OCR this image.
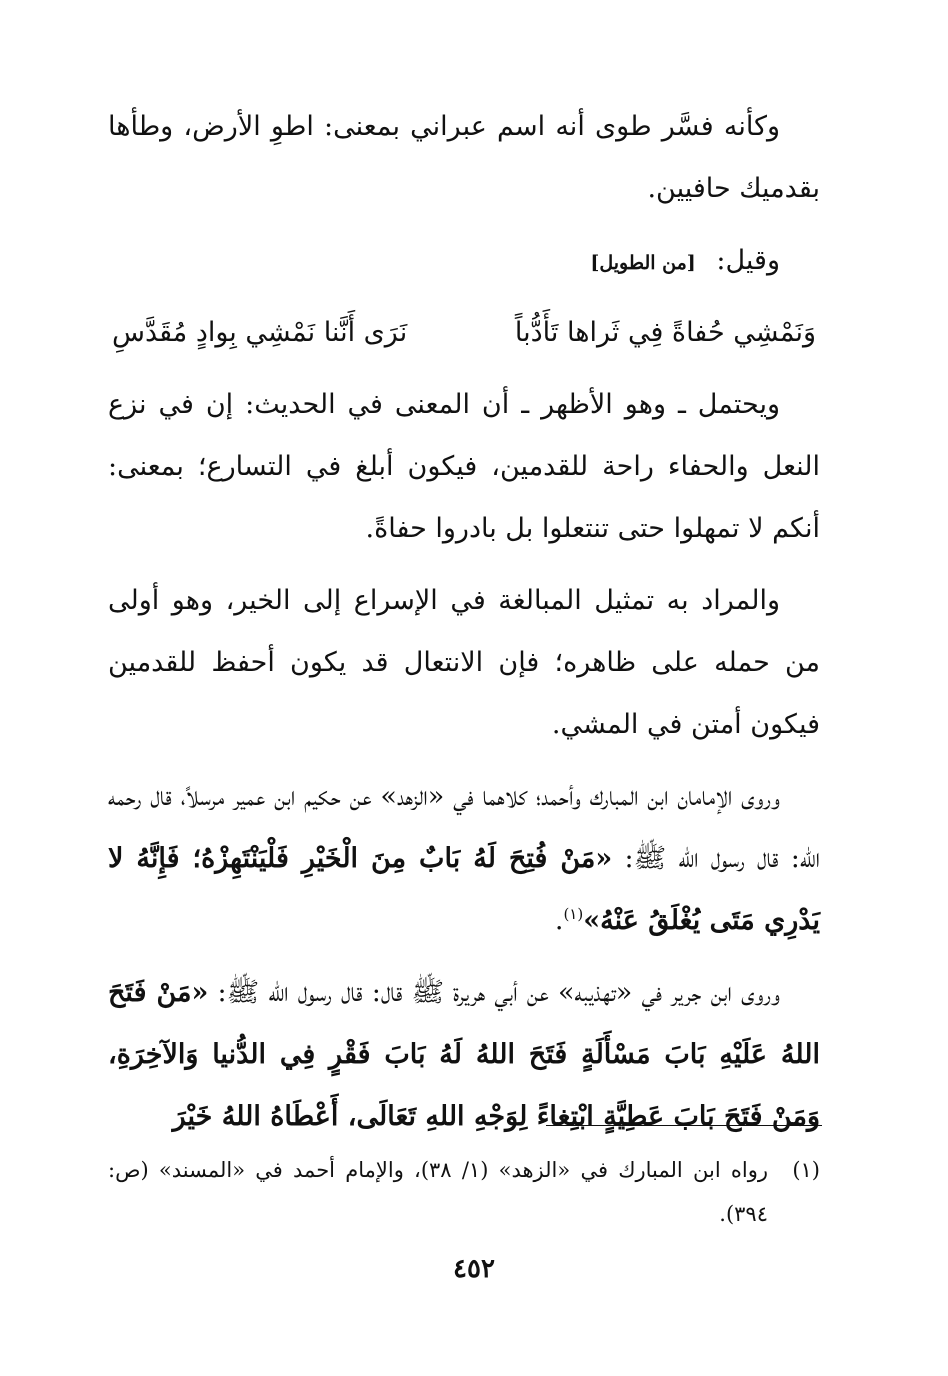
وكأنه فسَّر طوى أنه اسم عبراني بمعنى: اطوِ الأرض، وطأها بقدميك حافيين.

وقيل: [من الطويل]

وَنَمْشِي حُفاةً فِي ثَراها تَأَدُّباً
نَرَى أَنَّنا نَمْشِي بِوادٍ مُقَدَّسِ

ويحتمل ـ وهو الأظهر ـ أن المعنى في الحديث: إن في نزع النعل والحفاء راحة للقدمين، فيكون أبلغ في التسارع؛ بمعنى: أنكم لا تمهلوا حتى تنتعلوا بل بادروا حفاةً.

والمراد به تمثيل المبالغة في الإسراع إلى الخير، وهو أولى من حمله على ظاهره؛ فإن الانتعال قد يكون أحفظ للقدمين فيكون أمتن في المشي.

وروى الإمامان ابن المبارك وأحمد؛ كلاهما في «الزهد» عن حكيم ابن عمير مرسلاً، قال رحمه الله: قال رسول الله ﷺ: «مَنْ فُتِحَ لَهُ بَابٌ مِنَ الْخَيْرِ فَلْيَنْتَهِزْهُ؛ فَإِنَّهُ لا يَدْرِي مَتَى يُغْلَقُ عَنْهُ»$^{(١)}$.

وروى ابن جرير في «تهذيبه» عن أبي هريرة ﷺ قال: قال رسول الله ﷺ: «مَنْ فَتَحَ اللهُ عَلَيْهِ بَابَ مَسْأَلَةٍ فَتَحَ اللهُ لَهُ بَابَ فَقْرٍ فِي الدُّنيا وَالآخِرَةِ، وَمَنْ فَتَحَ بَابَ عَطِيَّةٍ ابْتِغاءً لِوَجْهِ اللهِ تَعَالَى، أَعْطَاهُ اللهُ خَيْرَ

(١)
رواه ابن المبارك في «الزهد» (١/ ٣٨)، والإمام أحمد في «المسند» (ص: ٣٩٤).

٤٥٢
